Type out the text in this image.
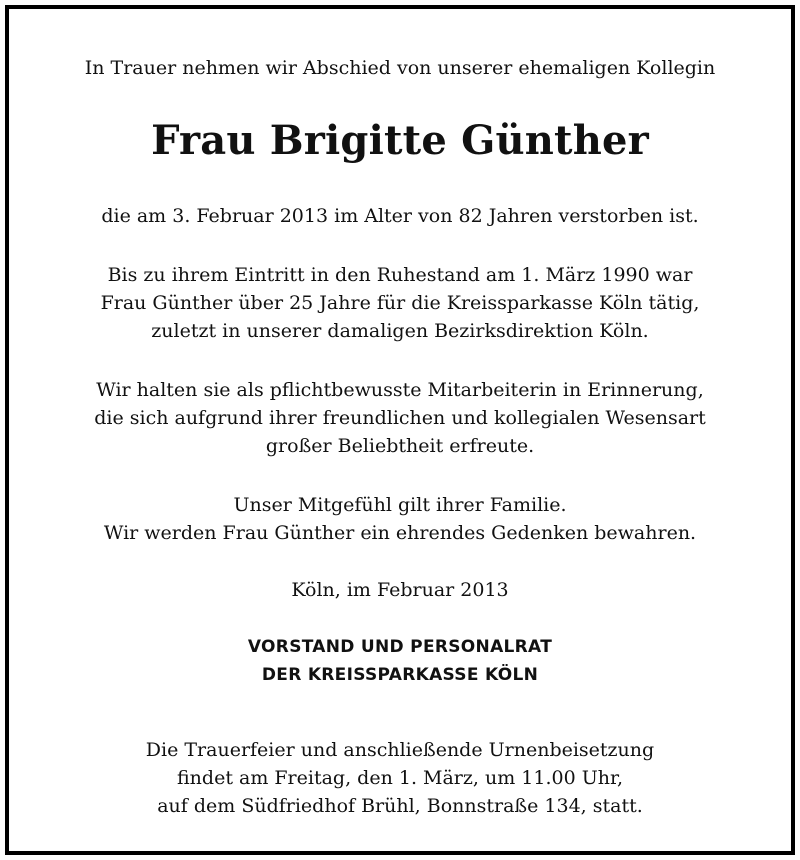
In Trauer nehmen wir Abschied von unserer ehemaligen Kollegin

Frau Brigitte Günther

die am 3. Februar 2013 im Alter von 82 Jahren verstorben ist.

Bis zu ihrem Eintritt in den Ruhestand am 1. März 1990 war
Frau Günther über 25 Jahre für die Kreissparkasse Köln tätig,
zuletzt in unserer damaligen Bezirksdirektion Köln.

Wir halten sie als pflichtbewusste Mitarbeiterin in Erinnerung,
die sich aufgrund ihrer freundlichen und kollegialen Wesensart
großer Beliebtheit erfreute.

Unser Mitgefühl gilt ihrer Familie.
Wir werden Frau Günther ein ehrendes Gedenken bewahren.

Köln, im Februar 2013

VORSTAND UND PERSONALRAT
DER KREISSPARKASSE KÖLN

Die Trauerfeier und anschließende Urnenbeisetzung
findet am Freitag, den 1. März, um 11.00 Uhr,
auf dem Südfriedhof Brühl, Bonnstraße 134, statt.
